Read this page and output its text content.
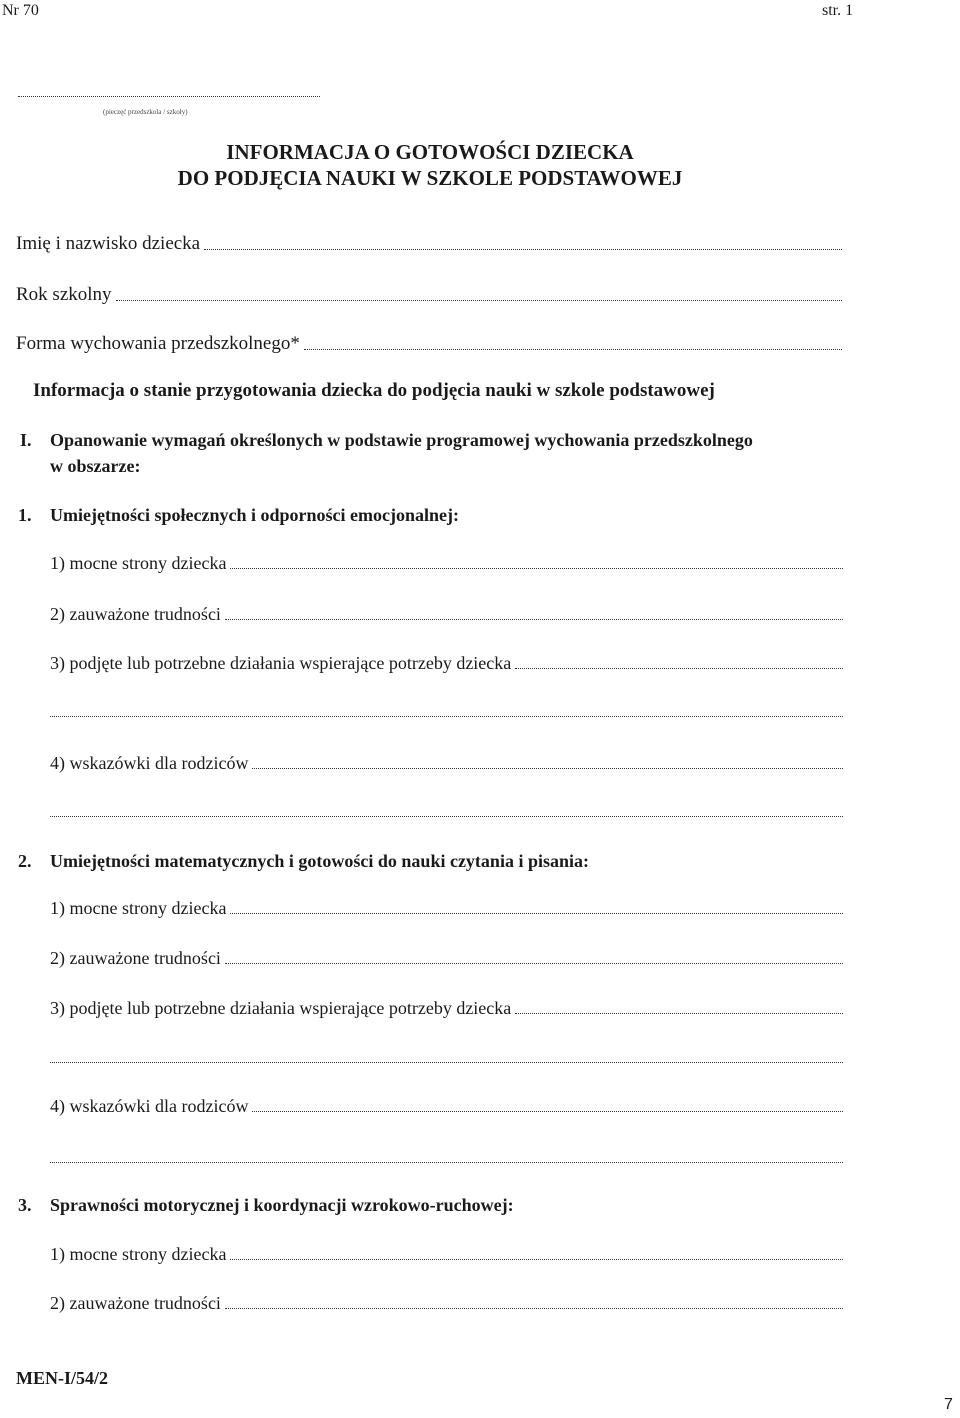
Nr 70	str. 1
(pieczęć przedszkola / szkoły)
INFORMACJA O GOTOWOŚCI DZIECKA
DO PODJĘCIA NAUKI W SZKOLE PODSTAWOWEJ
Imię i nazwisko dziecka
Rok szkolny
Forma wychowania przedszkolnego*
Informacja o stanie przygotowania dziecka do podjęcia nauki w szkole podstawowej
I. Opanowanie wymagań określonych w podstawie programowej wychowania przedszkolnego
w obszarze:
1. Umiejętności społecznych i odporności emocjonalnej:
1) mocne strony dziecka
2) zauważone trudności
3) podjęte lub potrzebne działania wspierające potrzeby dziecka
4) wskazówki dla rodziców
2. Umiejętności matematycznych i gotowości do nauki czytania i pisania:
1) mocne strony dziecka
2) zauważone trudności
3) podjęte lub potrzebne działania wspierające potrzeby dziecka
4) wskazówki dla rodziców
3. Sprawności motorycznej i koordynacji wzrokowo-ruchowej:
1) mocne strony dziecka
2) zauważone trudności
MEN-I/54/2
7
